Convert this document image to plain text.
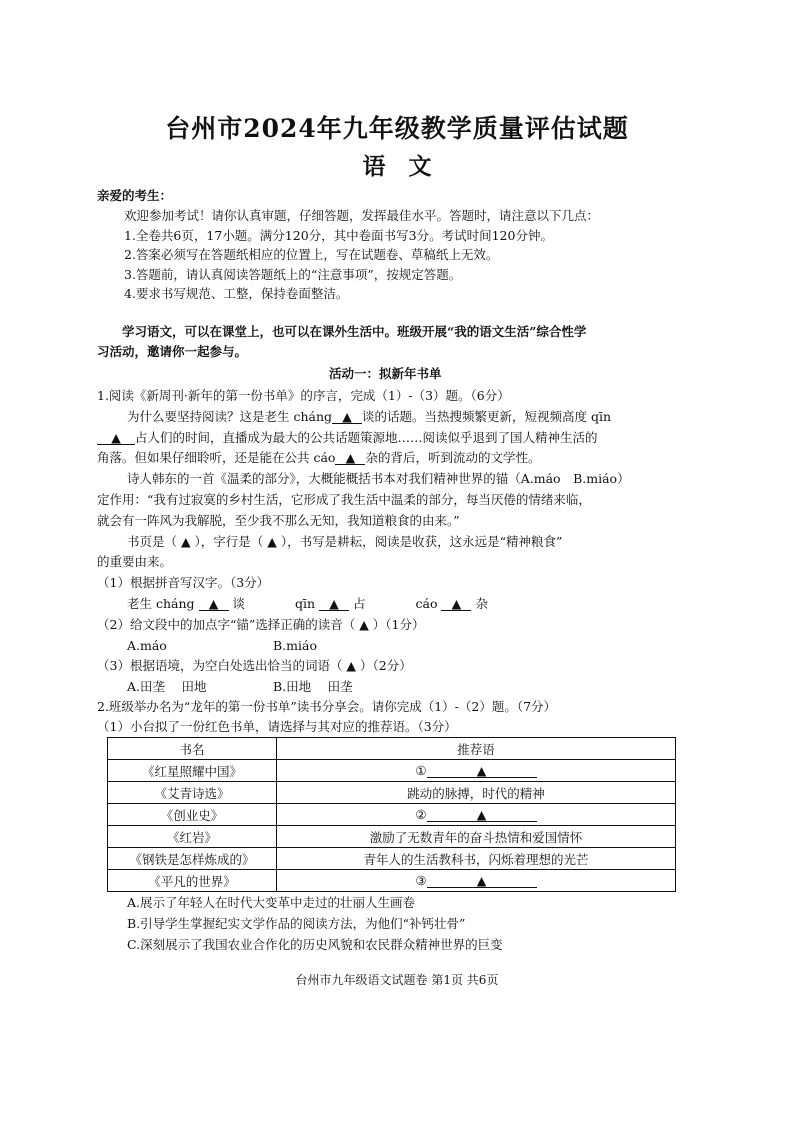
台州市2024年九年级教学质量评估试题
语　文
亲爱的考生：
欢迎参加考试！请你认真审题，仔细答题，发挥最佳水平。答题时，请注意以下几点：
1.全卷共6页，17小题。满分120分，其中卷面书写3分。考试时间120分钟。
2.答案必须写在答题纸相应的位置上，写在试题卷、草稿纸上无效。
3.答题前，请认真阅读答题纸上的“注意事项”，按规定答题。
4.要求书写规范、工整，保持卷面整洁。
学习语文，可以在课堂上，也可以在课外生活中。班级开展“我的语文生活”综合性学
习活动，邀请你一起参与。
活动一：拟新年书单
1.阅读《新周刊·新年的第一份书单》的序言，完成（1）-（3）题。（6分）
为什么要坚持阅读？这是老生 cháng ▲ 谈的话题。当热搜频繁更新，短视频高度 qīn
▲ 占人们的时间，直播成为最大的公共话题策源地……阅读似乎退到了国人精神生活的
角落。但如果仔细聆听，还是能在公共 cáo ▲ 杂的背后，听到流动的文学性。
诗人韩东的一首《温柔的部分》，大概能概括书本对我们精神世界的锚（A.máo　B.miáo）
定作用：“我有过寂寞的乡村生活，它形成了我生活中温柔的部分，每当厌倦的情绪来临，
就会有一阵风为我解脱，至少我不那么无知，我知道粮食的由来。”
书页是（ ▲ ），字行是（ ▲ ），书写是耕耘，阅读是收获，这永远是“精神粮食”
的重要由来。
（1）根据拼音写汉字。（3分）
老生 cháng ▲ 谈	qīn ▲ 占	cáo ▲ 杂
（2）给文段中的加点字“锚”选择正确的读音（ ▲ ）（1分）
A.máo	B.miáo
（3）根据语境，为空白处选出恰当的词语（ ▲ ）（2分）
A.田垄　 田地	B.田地　 田垄
2.班级举办名为“龙年的第一份书单”读书分享会。请你完成（1）-（2）题。（7分）
（1）小台拟了一份红色书单，请选择与其对应的推荐语。（3分）
书名	推荐语
《红星照耀中国》	① ▲
《艾青诗选》	跳动的脉搏，时代的精神
《创业史》	② ▲
《红岩》	激励了无数青年的奋斗热情和爱国情怀
《钢铁是怎样炼成的》	青年人的生活教科书，闪烁着理想的光芒
《平凡的世界》	③ ▲
A.展示了年轻人在时代大变革中走过的壮丽人生画卷
B.引导学生掌握纪实文学作品的阅读方法，为他们“补钙壮骨”
C.深刻展示了我国农业合作化的历史风貌和农民群众精神世界的巨变
台州市九年级语文试题卷 第1页 共6页
